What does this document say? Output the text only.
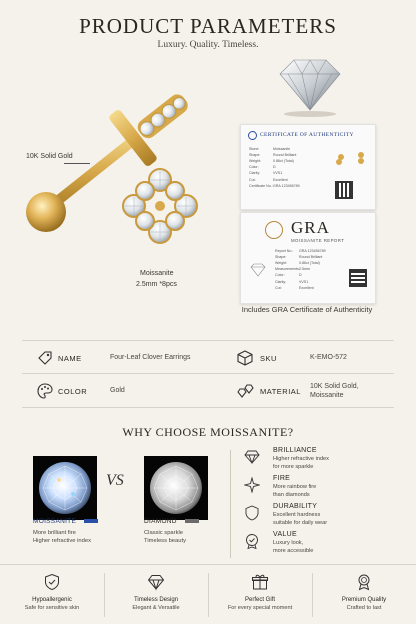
PRODUCT PARAMETERS
Luxury. Quality. Timeless.
10K Solid Gold
Moissanite
2.5mm *8pcs
CERTIFICATE OF AUTHENTICITY
Stone:	Moissanite
Shape:	Round Brilliant
Weight:	0.86ct (Total)
Color:	D
Clarity:	VVS1
Cut:	Excellent
Certificate No.: GRA 123456789
GRA
MOISSANITE REPORT
Report No.:	GRA 123456789
Shape:	Round Brilliant
Weight:	0.86ct (Total)
Measurements: 2.5mm
Color:	D
Clarity:	VVS1
Cut:	Excellent
Includes GRA Certificate of Authenticity
NAME	Four-Leaf Clover Earrings	SKU	K-EMO-572
COLOR	Gold	MATERIAL
10K Solid Gold,
Moissanite
WHY CHOOSE MOISSANITE?
VS
MOISSANITE
More brilliant fire
Higher refractive index
DIAMOND
Classic sparkle
Timeless beauty
BRILLIANCE
Higher refractive index
for more sparkle
FIRE
More rainbow fire
than diamonds
DURABILITY
Excellent hardness
suitable for daily wear
VALUE
Luxury look,
more accessible
Hypoallergenic
Safe for sensitive skin
Timeless Design
Elegant & Versatile
Perfect Gift
For every special moment
Premium Quality
Crafted to last
